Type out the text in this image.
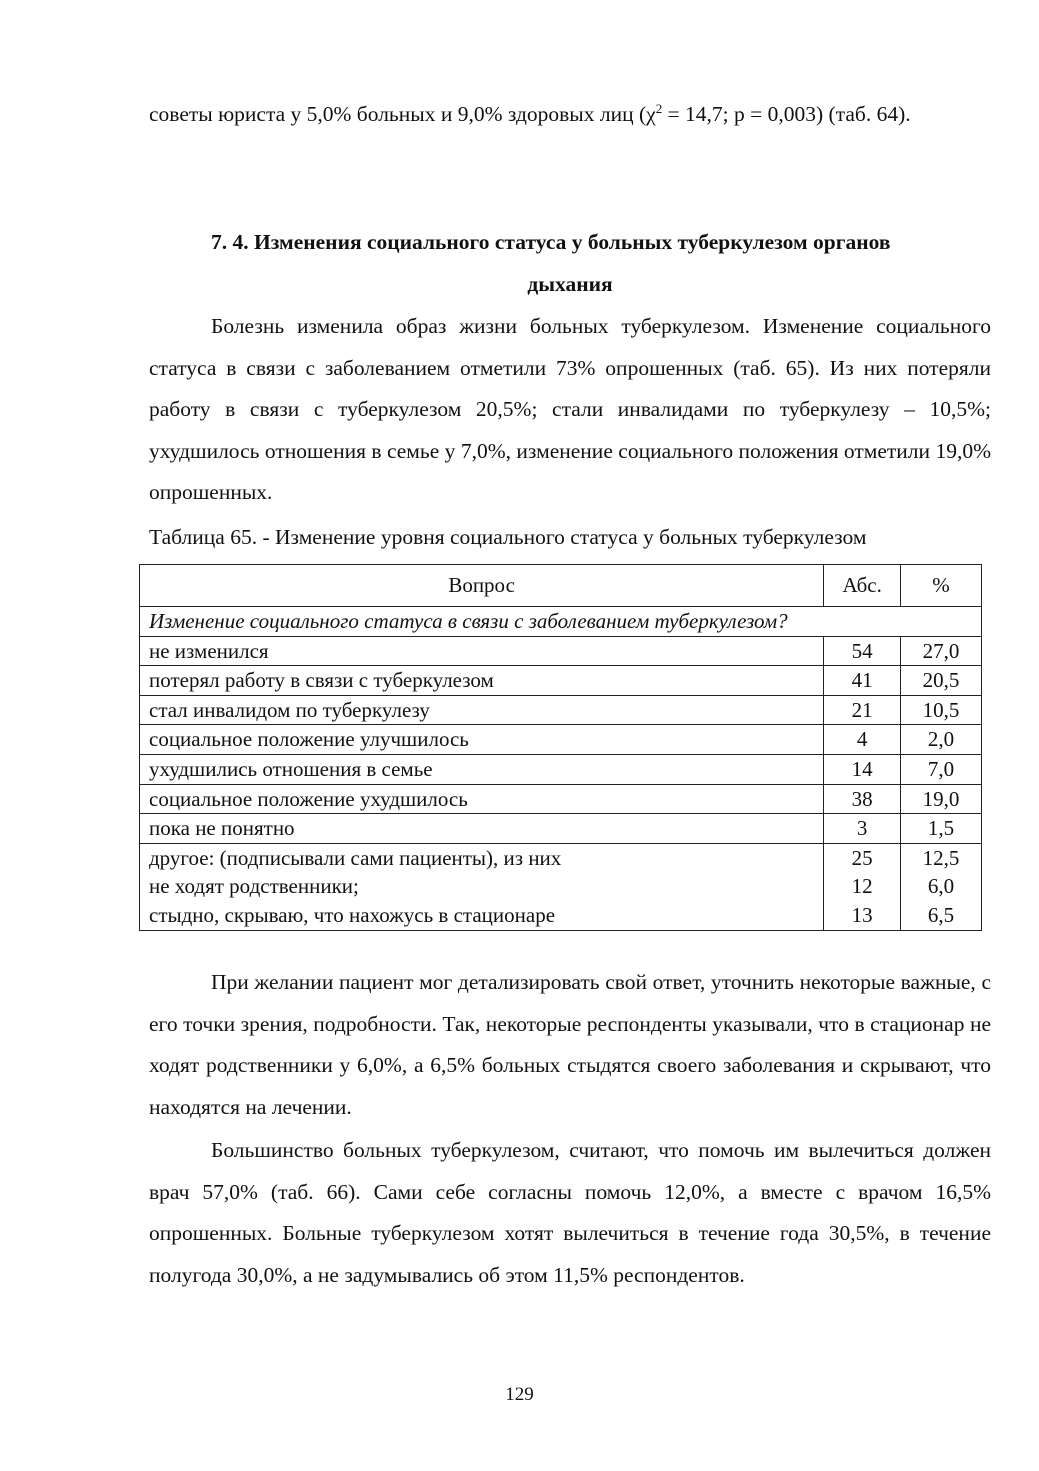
советы юриста у 5,0% больных и 9,0% здоровых лиц ($\chi^2 = 14,7$; р = 0,003) (таб. 64).

7. 4. Изменения социального статуса у больных туберкулезом органов
дыхания

Болезнь изменила образ жизни больных туберкулезом. Изменение социального статуса в связи с заболеванием отметили 73% опрошенных (таб. 65). Из них потеряли работу в связи с туберкулезом 20,5%; стали инвалидами по туберкулезу – 10,5%; ухудшилось отношения в семье у 7,0%, изменение социального положения отметили 19,0% опрошенных.

Таблица 65. - Изменение уровня социального статуса у больных туберкулезом
Вопрос	Абс.	%
Изменение социального статуса в связи с заболеванием туберкулезом?		
не изменился	54	27,0
потерял работу в связи с туберкулезом	41	20,5
стал инвалидом по туберкулезу	21	10,5
социальное положение улучшилось	4	2,0
ухудшились отношения в семье	14	7,0
социальное положение ухудшилось	38	19,0
пока не понятно	3	1,5
другое: (подписывали сами пациенты), из них	25	12,5
не ходят родственники;	12	6,0
стыдно, скрываю, что нахожусь в стационаре	13	6,5

При желании пациент мог детализировать свой ответ, уточнить некоторые важные, с его точки зрения, подробности. Так, некоторые респонденты указывали, что в стационар не ходят родственники у 6,0%, а 6,5% больных стыдятся своего заболевания и скрывают, что находятся на лечении.

Большинство больных туберкулезом, считают, что помочь им вылечиться должен врач 57,0% (таб. 66). Сами себе согласны помочь 12,0%, а вместе с врачом 16,5% опрошенных. Больные туберкулезом хотят вылечиться в течение года 30,5%, в течение полугода 30,0%, а не задумывались об этом 11,5% респондентов.

129
